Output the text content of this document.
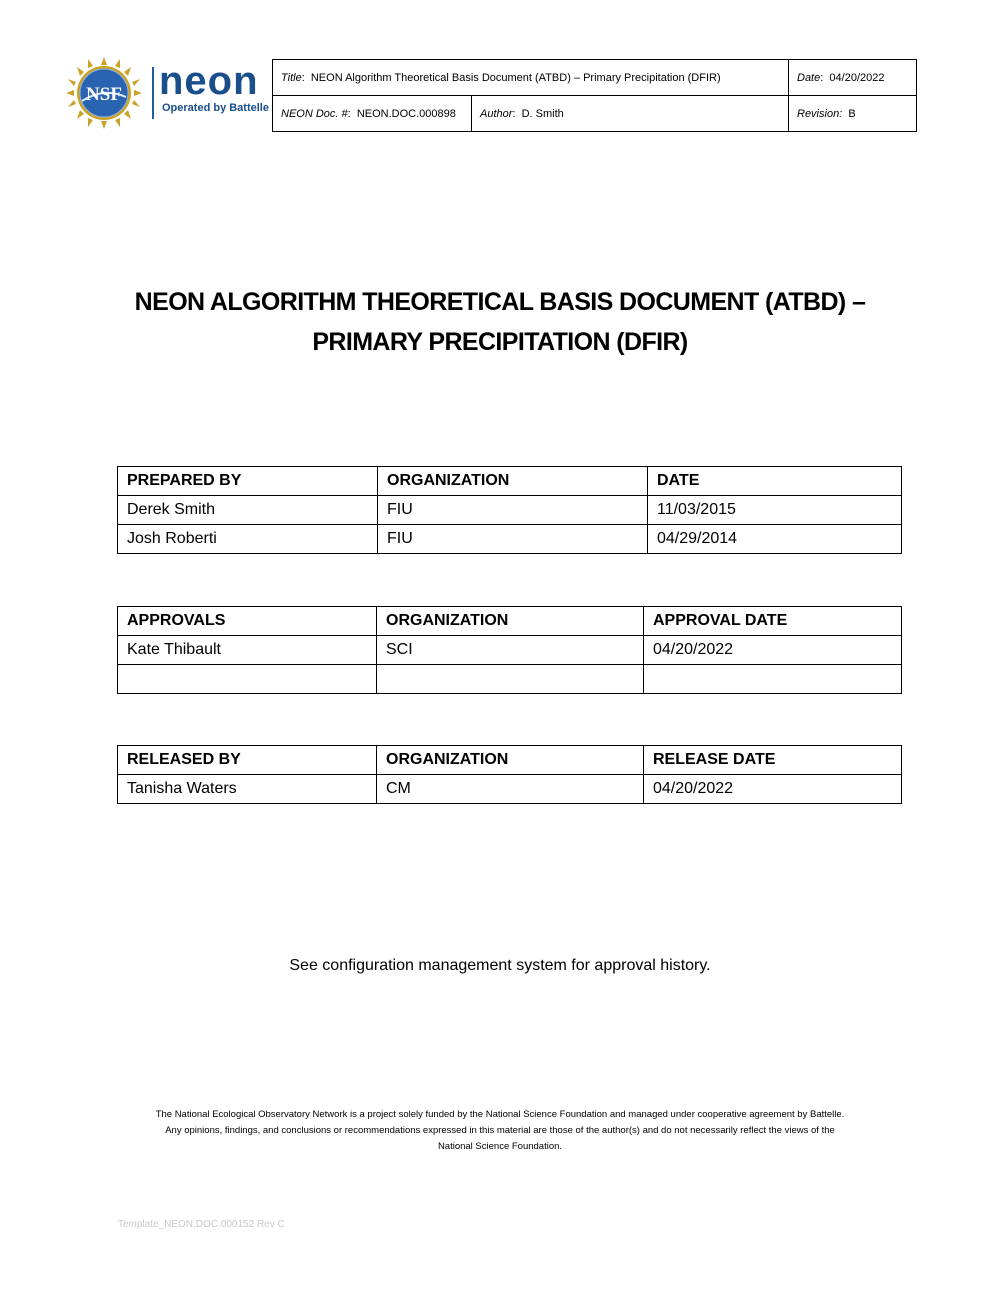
NSF neon
Operated by Battelle
Title:  NEON Algorithm Theoretical Basis Document (ATBD) – Primary Precipitation (DFIR)		Date:  04/20/2022
NEON Doc. #:  NEON.DOC.000898	Author:  D. Smith	Revision: B
NEON ALGORITHM THEORETICAL BASIS DOCUMENT (ATBD) –
PRIMARY PRECIPITATION (DFIR)
PREPARED BY	ORGANIZATION	DATE
Derek Smith	FIU	11/03/2015
Josh Roberti	FIU	04/29/2014
APPROVALS	ORGANIZATION	APPROVAL DATE
Kate Thibault	SCI	04/20/2022

RELEASED BY	ORGANIZATION	RELEASE DATE
Tanisha Waters	CM	04/20/2022
See configuration management system for approval history.
The National Ecological Observatory Network is a project solely funded by the National Science Foundation and managed under cooperative agreement by Battelle.
Any opinions, findings, and conclusions or recommendations expressed in this material are those of the author(s) and do not necessarily reflect the views of the
National Science Foundation.
Template_NEON.DOC.000152 Rev C
